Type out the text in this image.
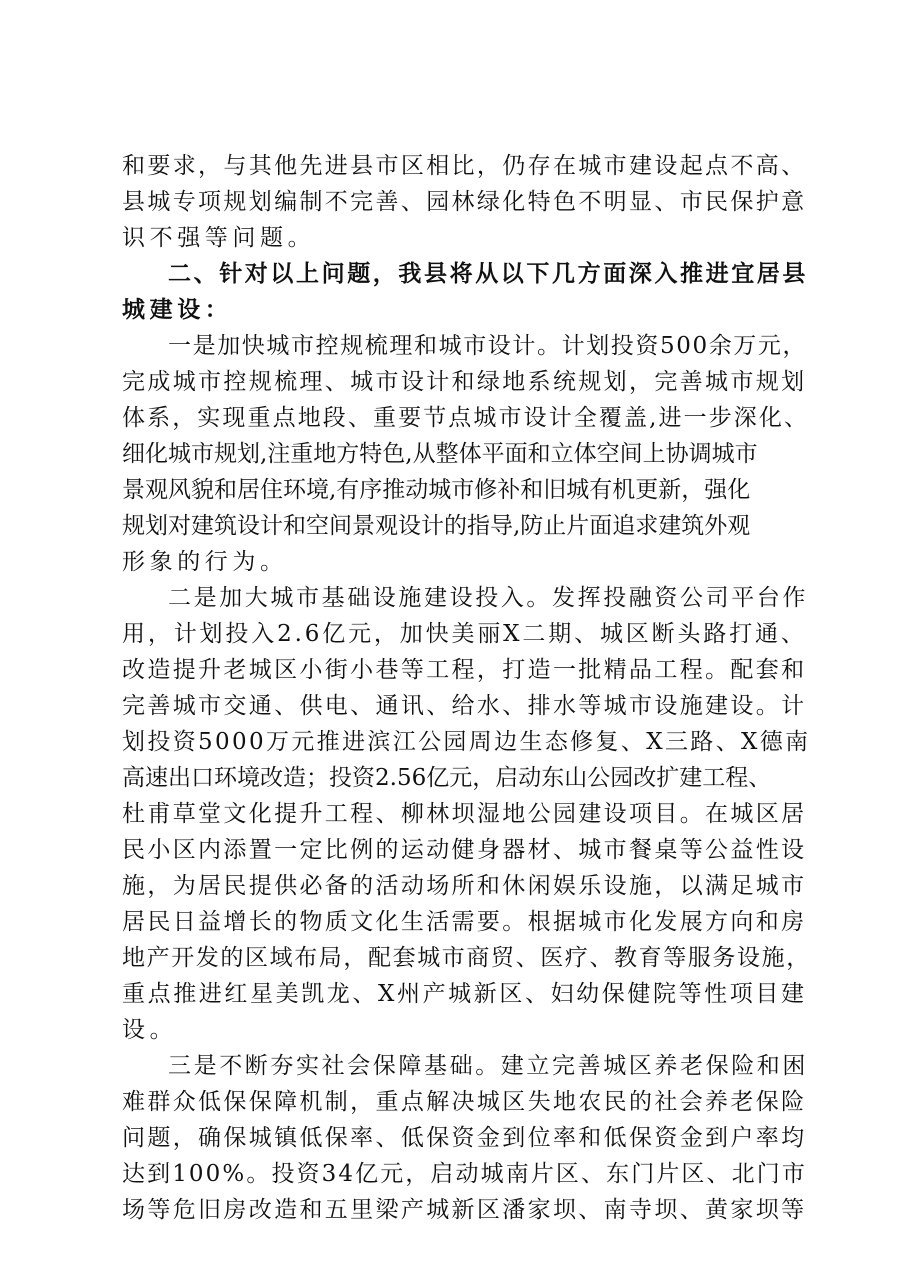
和要求，与其他先进县市区相比，仍存在城市建设起点不高、
县城专项规划编制不完善、园林绿化特色不明显、市民保护意
识不强等问题。
二、针对以上问题，我县将从以下几方面深入推进宜居县
城建设：
一是加快城市控规梳理和城市设计。计划投资500余万元，
完成城市控规梳理、城市设计和绿地系统规划，完善城市规划
体系，实现重点地段、重要节点城市设计全覆盖,进一步深化、
细化城市规划,注重地方特色,从整体平面和立体空间上协调城市
景观风貌和居住环境,有序推动城市修补和旧城有机更新，强化
规划对建筑设计和空间景观设计的指导,防止片面追求建筑外观
形象的行为。
二是加大城市基础设施建设投入。发挥投融资公司平台作
用，计划投入2.6亿元，加快美丽X二期、城区断头路打通、
改造提升老城区小街小巷等工程，打造一批精品工程。配套和
完善城市交通、供电、通讯、给水、排水等城市设施建设。计
划投资5000万元推进滨江公园周边生态修复、X三路、X德南
高速出口环境改造；投资2.56亿元，启动东山公园改扩建工程、
杜甫草堂文化提升工程、柳林坝湿地公园建设项目。在城区居
民小区内添置一定比例的运动健身器材、城市餐桌等公益性设
施，为居民提供必备的活动场所和休闲娱乐设施，以满足城市
居民日益增长的物质文化生活需要。根据城市化发展方向和房
地产开发的区域布局，配套城市商贸、医疗、教育等服务设施，
重点推进红星美凯龙、X州产城新区、妇幼保健院等性项目建
设。
三是不断夯实社会保障基础。建立完善城区养老保险和困
难群众低保保障机制，重点解决城区失地农民的社会养老保险
问题，确保城镇低保率、低保资金到位率和低保资金到户率均
达到100%。投资34亿元，启动城南片区、东门片区、北门市
场等危旧房改造和五里梁产城新区潘家坝、南寺坝、黄家坝等
